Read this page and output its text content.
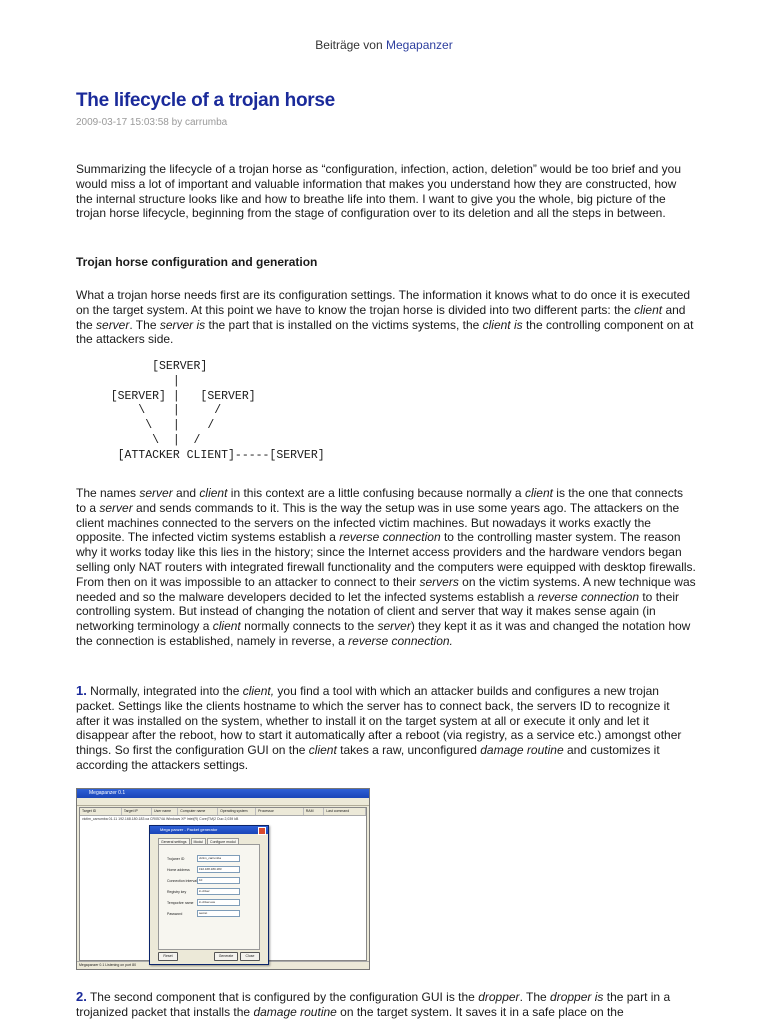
Beiträge von Megapanzer
The lifecycle of a trojan horse
2009-03-17 15:03:58 by carrumba

Summarizing the lifecycle of a trojan horse as “configuration, infection, action, deletion” would be too brief and you would miss a lot of important and valuable information that makes you understand how they are constructed, how the internal structure looks like and how to breathe life into them. I want to give you the whole, big picture of the trojan horse lifecycle, beginning from the stage of configuration over to its deletion and all the steps in between.

Trojan horse configuration and generation

What a trojan horse needs first are its configuration settings. The information it knows what to do once it is executed on the target system. At this point we have to know the trojan horse is divided into two different parts: the client and the server. The server is the part that is installed on the victims systems, the client is the controlling component on at the attackers side.

[SERVER]
|
[SERVER] |   [SERVER]
\    |     /
\   |    /
\  |  /
[ATTACKER CLIENT]-----[SERVER]

The names server and client in this context are a little confusing because normally a client is the one that connects to a server and sends commands to it. This is the way the setup was in use some years ago. The attackers on the client machines connected to the servers on the infected victim machines. But nowadays it works exactly the opposite. The infected victim systems establish a reverse connection to the controlling master system. The reason why it works today like this lies in the history; since the Internet access providers and the hardware vendors began selling only NAT routers with integrated firewall functionality and the computers were equipped with desktop firewalls. From then on it was impossible to an attacker to connect to their servers on the victim systems. A new technique was needed and so the malware developers decided to let the infected systems establish a reverse connection to their controlling system. But instead of changing the notation of client and server that way it makes sense again (in networking terminology a client normally connects to the server) they kept it as it was and changed the notation how the connection is established, namely in reverse, a reverse connection.

1. Normally, integrated into the client, you find a tool with which an attacker builds and configures a new trojan packet. Settings like the clients hostname to which the server has to connect back, the servers ID to recognize it after it was installed on the system, whether to install it on the target system at all or execute it only and let it disappear after the reboot, how to start it automatically after a reboot (via registry, as a service etc.) amongst other things. So first the configuration GUI on the client takes a raw, unconfigured damage routine and customizes it according the attackers settings.

Megapanzer 0.1
Target ID	Target IP	User name	Computer name	Operating system	Processor	RAM	Last command
victim_carrumba 01.11 192.168.180.183 ca CR0574A Windows XP Intel(R) Core(TM)2 Duo 2,039 kB
Megapanzer 0.1 Listening on port 80
Mega panzer - Packet generator
General settings	Modul	Configure modul
Trojaner ID	victim_carrumba
Home address	192.168.180.183
Connection interval 10
Registry key	in.driver
Temporäre name	in.driver.exe
Password	secret
Reset	Generate	Close

2. The second component that is configured by the configuration GUI is the dropper. The dropper is the part in a trojanized packet that installs the damage routine on the target system. It saves it in a safe place on the
